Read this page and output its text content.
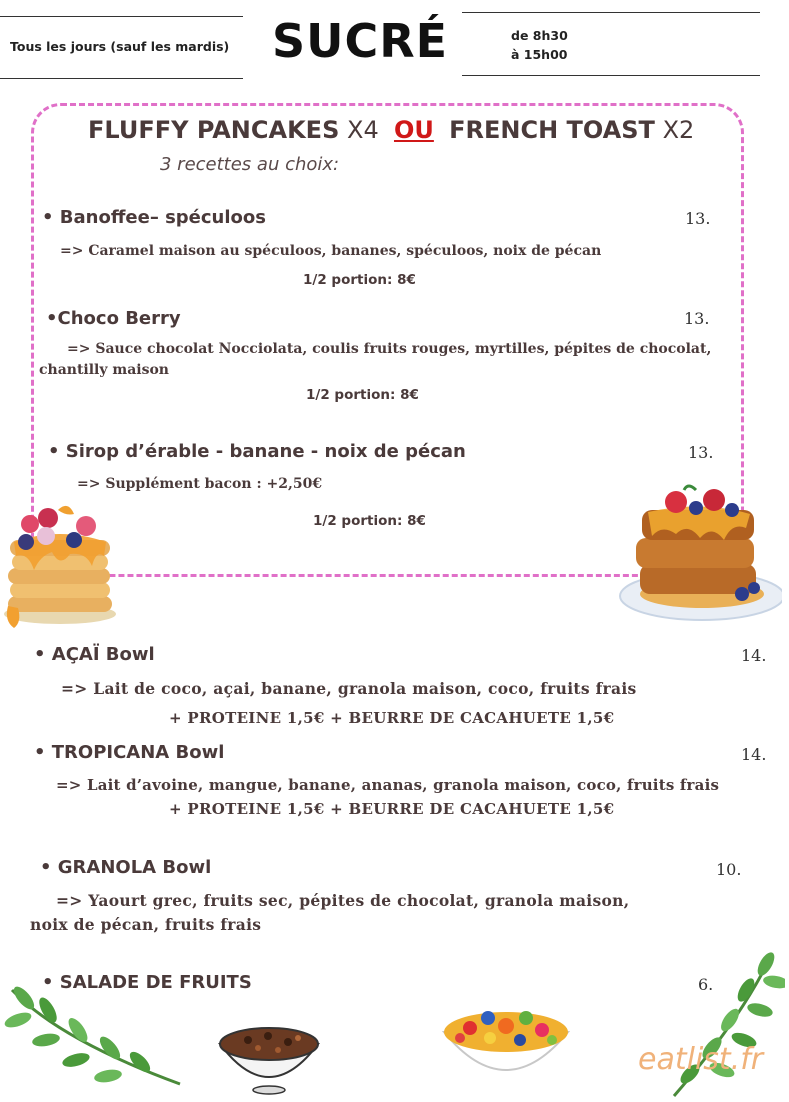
Tous les jours (sauf les mardis) SUCRÉ	de 8h30
à 15h00
FLUFFY PANCAKES X4 OU FRENCH TOAST X2
3 recettes au choix:
• Banoffee– spéculoos	13.
=> Caramel maison au spéculoos, bananes, spéculoos, noix de pécan
1/2 portion: 8€
•Choco Berry	13.
=> Sauce chocolat Nocciolata, coulis fruits rouges, myrtilles, pépites de chocolat,
chantilly maison
1/2 portion: 8€
• Sirop d’érable - banane - noix de pécan	13.
=> Supplément bacon : +2,50€
1/2 portion: 8€
• AÇAÏ Bowl	14.
=> Lait de coco, açai, banane, granola maison, coco, fruits frais
+ PROTEINE 1,5€ + BEURRE DE CACAHUETE 1,5€
• TROPICANA Bowl	14.
=> Lait d’avoine, mangue, banane, ananas, granola maison, coco, fruits frais
+ PROTEINE 1,5€ + BEURRE DE CACAHUETE 1,5€
• GRANOLA Bowl	10.
=> Yaourt grec, fruits sec, pépites de chocolat, granola maison,
noix de pécan, fruits frais
• SALADE DE FRUITS	6.
eatlist.fr
